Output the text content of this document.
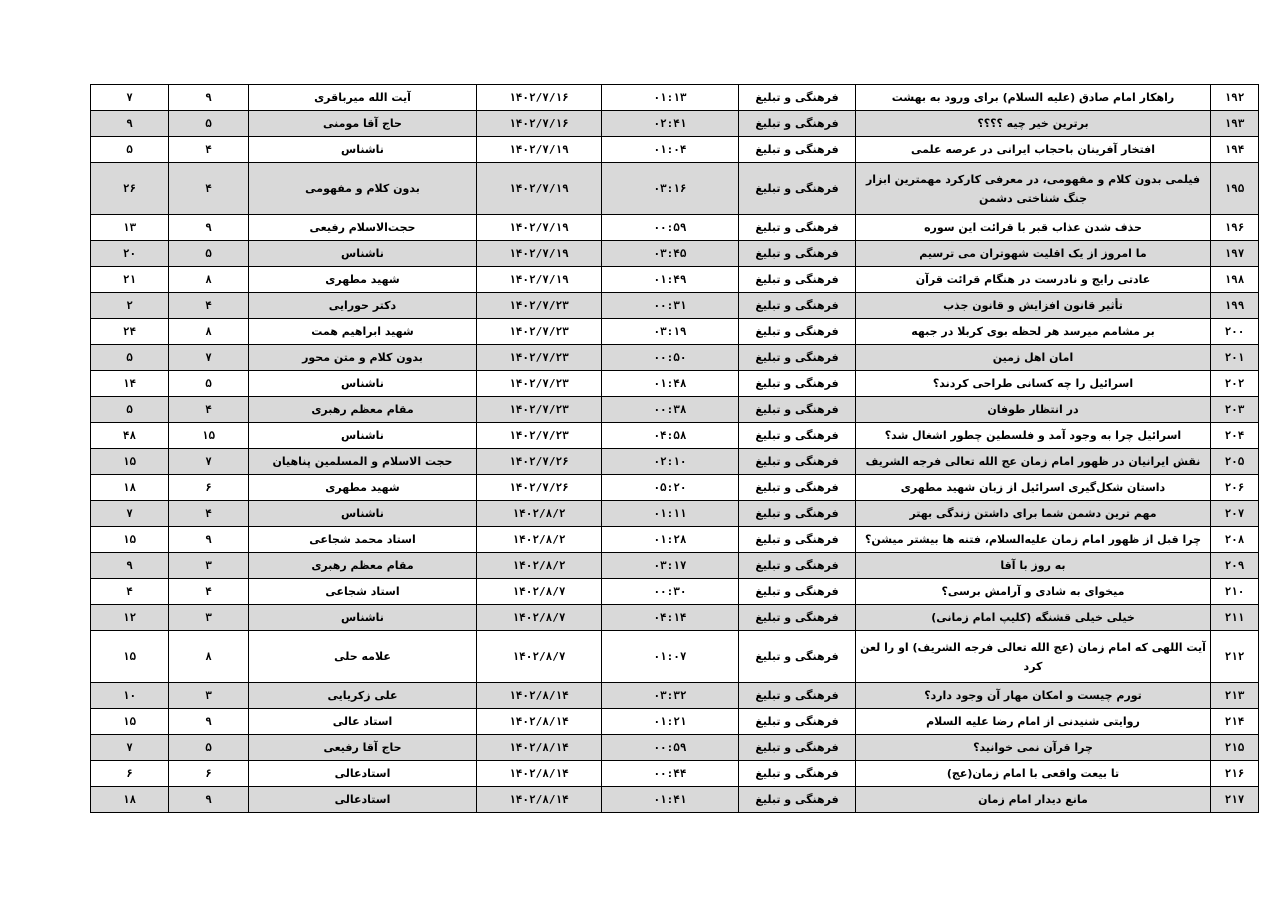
۷	۹	آیت الله میرباقری	۱۴۰۲/۷/۱۶	۰۱:۱۳	فرهنگی و تبلیغ	راهکار امام صادق (علیه السلام) برای ورود به بهشت	۱۹۲
۹	۵	حاج آقا مومنی	۱۴۰۲/۷/۱۶	۰۲:۴۱	فرهنگی و تبلیغ	برترین خیر چیه ؟؟؟؟	۱۹۳
۵	۴	ناشناس	۱۴۰۲/۷/۱۹	۰۱:۰۴	فرهنگی و تبلیغ	افتخار آفرینان باحجاب ایرانی در عرصه علمی	۱۹۴
۲۶	۴	بدون کلام و مفهومی	۱۴۰۲/۷/۱۹	۰۳:۱۶	فرهنگی و تبلیغ	فیلمی بدون کلام و مفهومی، در معرفی کارکرد مهمترین ابزار جنگ شناختی دشمن	۱۹۵
۱۳	۹	حجت‌الاسلام رفیعی	۱۴۰۲/۷/۱۹	۰۰:۵۹	فرهنگی و تبلیغ	حذف شدن عذاب قبر با قرائت این سوره	۱۹۶
۲۰	۵	ناشناس	۱۴۰۲/۷/۱۹	۰۳:۴۵	فرهنگی و تبلیغ	ما امروز از یک اقلیت شهوتران می ترسیم	۱۹۷
۲۱	۸	شهید مطهری	۱۴۰۲/۷/۱۹	۰۱:۴۹	فرهنگی و تبلیغ	عادتی رایج و نادرست در هنگام قرائت قرآن	۱۹۸
۲	۴	دکتر حورایی	۱۴۰۲/۷/۲۳	۰۰:۳۱	فرهنگی و تبلیغ	تأثیر قانون افزایش و قانون جذب	۱۹۹
۲۴	۸	شهید ابراهیم همت	۱۴۰۲/۷/۲۳	۰۳:۱۹	فرهنگی و تبلیغ	بر مشامم میرسد هر لحظه بوی کربلا در جبهه	۲۰۰
۵	۷	بدون کلام و متن محور	۱۴۰۲/۷/۲۳	۰۰:۵۰	فرهنگی و تبلیغ	امان اهل زمین	۲۰۱
۱۴	۵	ناشناس	۱۴۰۲/۷/۲۳	۰۱:۴۸	فرهنگی و تبلیغ	اسرائیل را چه کسانی طراحی کردند؟	۲۰۲
۵	۴	مقام معظم رهبری	۱۴۰۲/۷/۲۳	۰۰:۳۸	فرهنگی و تبلیغ	در انتظار طوفان	۲۰۳
۴۸	۱۵	ناشناس	۱۴۰۲/۷/۲۳	۰۴:۵۸	فرهنگی و تبلیغ	اسرائیل چرا به وجود آمد و فلسطین چطور اشغال شد؟	۲۰۴
۱۵	۷	حجت الاسلام و المسلمین پناهیان	۱۴۰۲/۷/۲۶	۰۲:۱۰	فرهنگی و تبلیغ	نقش ایرانیان در ظهور امام زمان عج الله تعالی فرجه الشریف	۲۰۵
۱۸	۶	شهید مطهری	۱۴۰۲/۷/۲۶	۰۵:۲۰	فرهنگی و تبلیغ	داستان شکل‌گیری اسرائیل از زبان شهید مطهری	۲۰۶
۷	۴	ناشناس	۱۴۰۲/۸/۲	۰۱:۱۱	فرهنگی و تبلیغ	مهم ترین دشمن شما برای داشتن زندگی بهتر	۲۰۷
۱۵	۹	استاد محمد شجاعی	۱۴۰۲/۸/۲	۰۱:۲۸	فرهنگی و تبلیغ	چرا قبل از ظهور امام زمان علیه‌السلام، فتنه ها بیشتر میشن؟	۲۰۸
۹	۳	مقام معظم رهبری	۱۴۰۲/۸/۲	۰۳:۱۷	فرهنگی و تبلیغ	به روز با آقا	۲۰۹
۴	۴	استاد شجاعی	۱۴۰۲/۸/۷	۰۰:۳۰	فرهنگی و تبلیغ	میخوای به شادی و آرامش برسی؟	۲۱۰
۱۲	۳	ناشناس	۱۴۰۲/۸/۷	۰۴:۱۴	فرهنگی و تبلیغ	خیلی خیلی قشنگه (کلیپ امام زمانی)	۲۱۱
۱۵	۸	علامه حلی	۱۴۰۲/۸/۷	۰۱:۰۷	فرهنگی و تبلیغ	آیت اللهی که امام زمان (عج الله تعالی فرجه الشریف) او را لعن کرد	۲۱۲
۱۰	۳	علی زکریایی	۱۴۰۲/۸/۱۴	۰۳:۳۲	فرهنگی و تبلیغ	تورم چیست و امکان مهار آن وجود دارد؟	۲۱۳
۱۵	۹	استاد عالی	۱۴۰۲/۸/۱۴	۰۱:۲۱	فرهنگی و تبلیغ	روایتی شنیدنی از امام رضا علیه السلام	۲۱۴
۷	۵	حاج آقا رفیعی	۱۴۰۲/۸/۱۴	۰۰:۵۹	فرهنگی و تبلیغ	چرا قرآن نمی خوانید؟	۲۱۵
۶	۶	استادعالی	۱۴۰۲/۸/۱۴	۰۰:۴۴	فرهنگی و تبلیغ	تا بیعت واقعی با امام زمان(عج)	۲۱۶
۱۸	۹	استادعالی	۱۴۰۲/۸/۱۴	۰۱:۴۱	فرهنگی و تبلیغ	مانع دیدار امام زمان	۲۱۷
